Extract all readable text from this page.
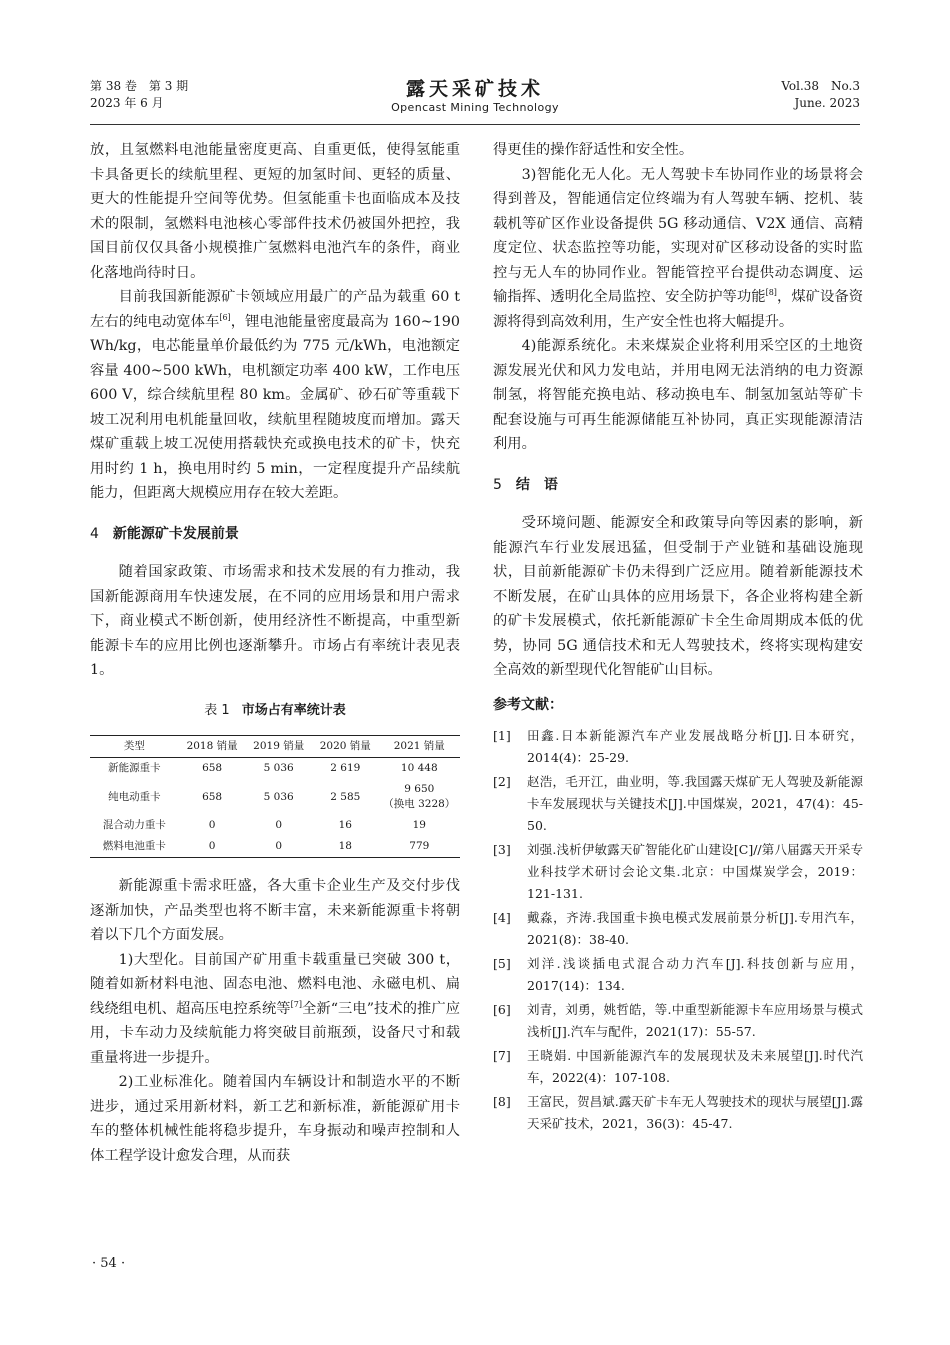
第 38 卷　第 3 期
2023 年 6 月
露天采矿技术
Opencast Mining Technology
Vol.38　No.3
June. 2023

放，且氢燃料电池能量密度更高、自重更低，使得氢能重卡具备更长的续航里程、更短的加氢时间、更轻的质量、更大的性能提升空间等优势。但氢能重卡也面临成本及技术的限制，氢燃料电池核心零部件技术仍被国外把控，我国目前仅仅具备小规模推广氢燃料电池汽车的条件，商业化落地尚待时日。

目前我国新能源矿卡领域应用最广的产品为载重 60 t 左右的纯电动宽体车[6]，锂电池能量密度最高为 160~190 Wh/kg，电芯能量单价最低约为 775 元/kWh，电池额定容量 400~500 kWh，电机额定功率 400 kW，工作电压 600 V，综合续航里程 80 km。金属矿、砂石矿等重载下坡工况利用电机能量回收，续航里程随坡度而增加。露天煤矿重载上坡工况使用搭载快充或换电技术的矿卡，快充用时约 1 h，换电用时约 5 min，一定程度提升产品续航能力，但距离大规模应用存在较大差距。

4 新能源矿卡发展前景

随着国家政策、市场需求和技术发展的有力推动，我国新能源商用车快速发展，在不同的应用场景和用户需求下，商业模式不断创新，使用经济性不断提高，中重型新能源卡车的应用比例也逐渐攀升。市场占有率统计表见表 1。

表 1 市场占有率统计表

类型	2018 销量	2019 销量	2020 销量	2021 销量
新能源重卡	658	5 036	2 619	10 448
纯电动重卡	658	5 036	2 585	9 650
（换电 3228）

混合动力重卡	0	0	16	19
燃料电池重卡	0	0	18	779

新能源重卡需求旺盛，各大重卡企业生产及交付步伐逐渐加快，产品类型也将不断丰富，未来新能源重卡将朝着以下几个方面发展。

1)大型化。目前国产矿用重卡载重量已突破 300 t，随着如新材料电池、固态电池、燃料电池、永磁电机、扁线绕组电机、超高压电控系统等[7]全新“三电”技术的推广应用，卡车动力及续航能力将突破目前瓶颈，设备尺寸和载重量将进一步提升。

2)工业标准化。随着国内车辆设计和制造水平的不断进步，通过采用新材料，新工艺和新标准，新能源矿用卡车的整体机械性能将稳步提升，车身振动和噪声控制和人体工程学设计愈发合理，从而获

得更佳的操作舒适性和安全性。

3)智能化无人化。无人驾驶卡车协同作业的场景将会得到普及，智能通信定位终端为有人驾驶车辆、挖机、装载机等矿区作业设备提供 5G 移动通信、V2X 通信、高精度定位、状态监控等功能，实现对矿区移动设备的实时监控与无人车的协同作业。智能管控平台提供动态调度、运输指挥、透明化全局监控、安全防护等功能[8]，煤矿设备资源将得到高效利用，生产安全性也将大幅提升。

4)能源系统化。未来煤炭企业将利用采空区的土地资源发展光伏和风力发电站，并用电网无法消纳的电力资源制氢，将智能充换电站、移动换电车、制氢加氢站等矿卡配套设施与可再生能源储能互补协同，真正实现能源清洁利用。

5 结　语

受环境问题、能源安全和政策导向等因素的影响，新能源汽车行业发展迅猛，但受制于产业链和基础设施现状，目前新能源矿卡仍未得到广泛应用。随着新能源技术不断发展，在矿山具体的应用场景下，各企业将构建全新的矿卡发展模式，依托新能源矿卡全生命周期成本低的优势，协同 5G 通信技术和无人驾驶技术，终将实现构建安全高效的新型现代化智能矿山目标。

参考文献：

[1]	田鑫.日本新能源汽车产业发展战略分析[J].日本研究，2014(4)：25-29.
[2]	赵浩，毛开江，曲业明，等.我国露天煤矿无人驾驶及新能源卡车发展现状与关键技术[J].中国煤炭，2021，47(4)：45-50.
[3]	刘强.浅析伊敏露天矿智能化矿山建设[C]//第八届露天开采专业科技学术研讨会论文集.北京：中国煤炭学会，2019：121-131.
[4]	戴淼，齐涛.我国重卡换电模式发展前景分析[J].专用汽车，2021(8)：38-40.
[5]	刘洋.浅谈插电式混合动力汽车[J].科技创新与应用，2017(14)：134.
[6]	刘青，刘勇，姚哲皓，等.中重型新能源卡车应用场景与模式浅析[J].汽车与配件，2021(17)：55-57.
[7]	王晓娟. 中国新能源汽车的发展现状及未来展望[J].时代汽车，2022(4)：107-108.
[8]	王富民，贺昌斌.露天矿卡车无人驾驶技术的现状与展望[J].露天采矿技术，2021，36(3)：45-47.
· 54 ·
